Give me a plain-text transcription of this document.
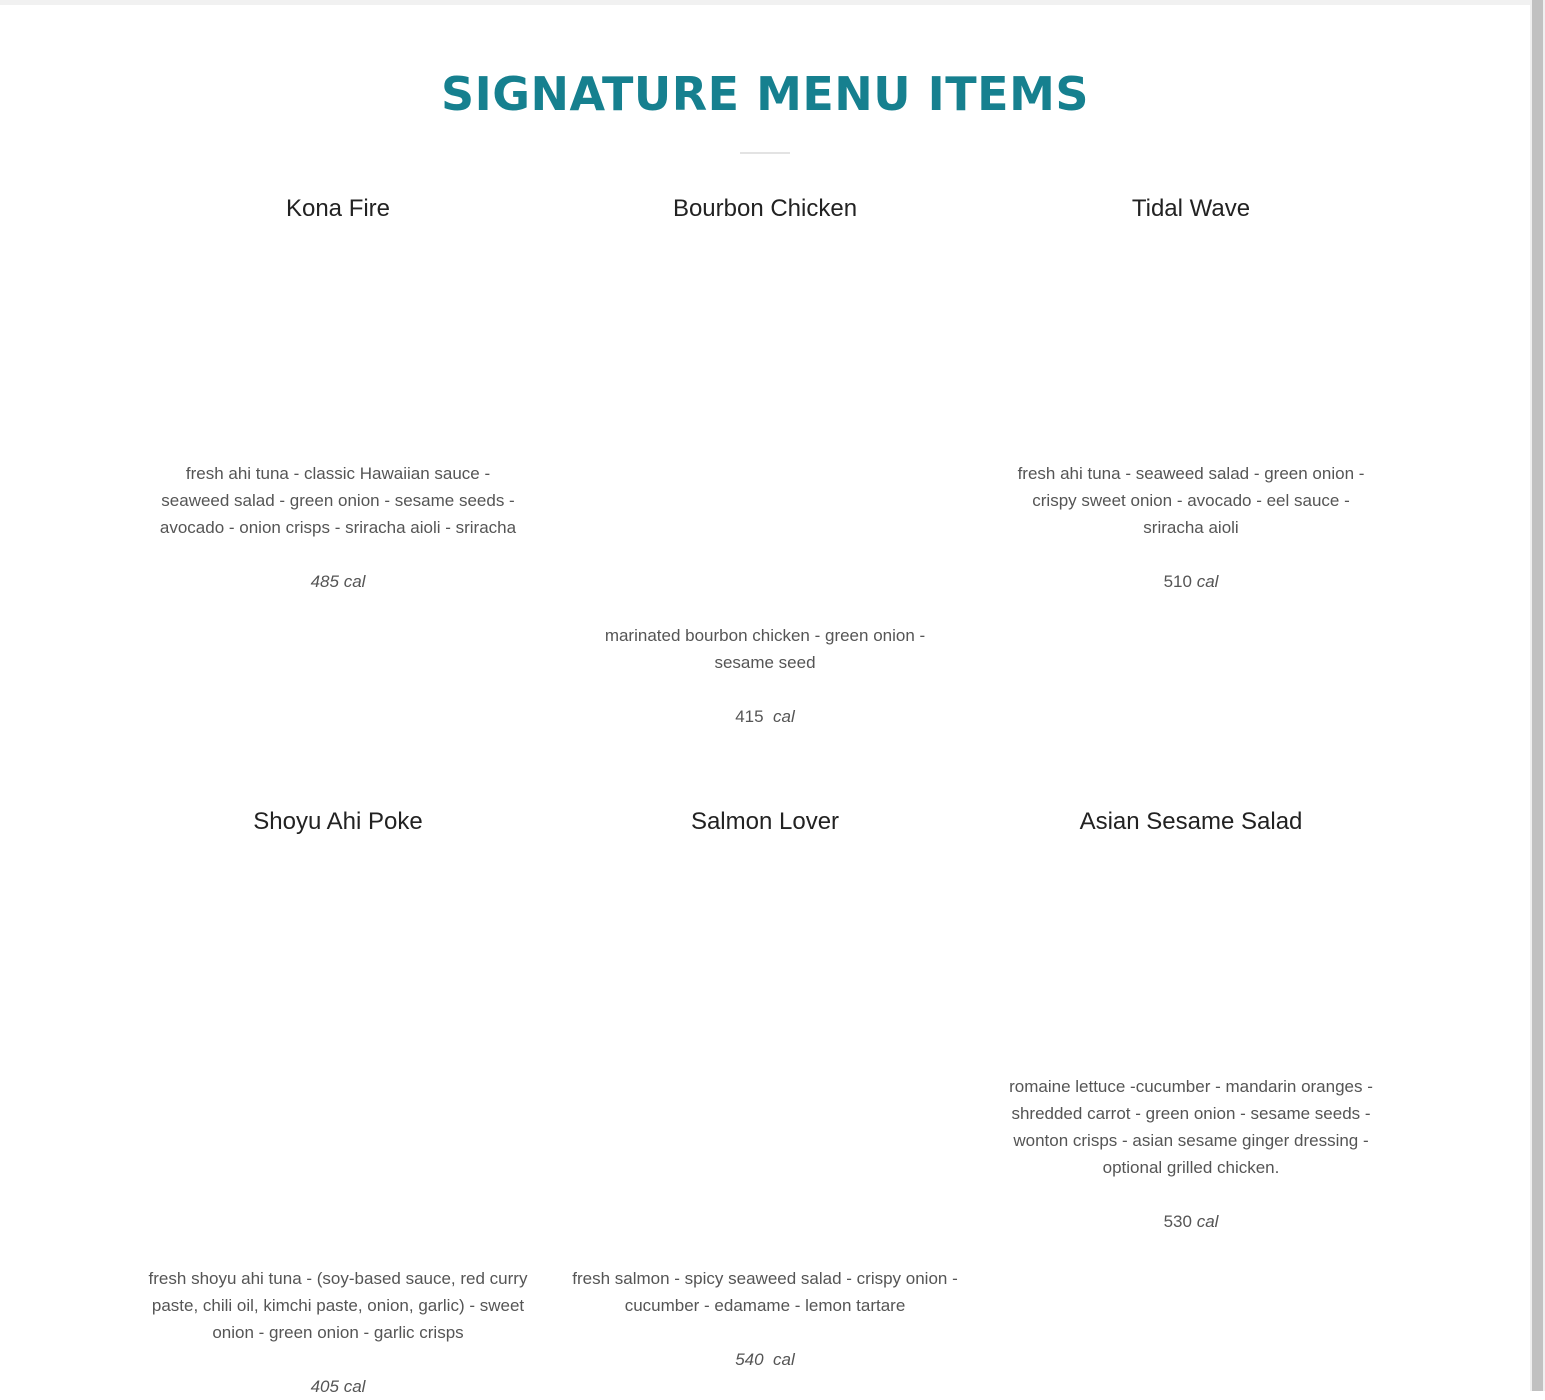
SIGNATURE MENU ITEMS
Kona Fire

fresh ahi tuna - classic Hawaiian sauce - seaweed salad - green onion - sesame seeds - avocado - onion crisps - sriracha aioli - sriracha

485 cal
Bourbon Chicken

marinated bourbon chicken - green onion - sesame seed

415 cal
Tidal Wave

fresh ahi tuna - seaweed salad - green onion - crispy sweet onion - avocado - eel sauce - sriracha aioli

510 cal
Shoyu Ahi Poke

fresh shoyu ahi tuna - (soy-based sauce, red curry paste, chili oil, kimchi paste, onion, garlic) - sweet onion - green onion - garlic crisps

405 cal
Salmon Lover

fresh salmon - spicy seaweed salad - crispy onion - cucumber - edamame - lemon tartare

540 cal
Asian Sesame Salad

romaine lettuce -cucumber - mandarin oranges - shredded carrot - green onion - sesame seeds - wonton crisps - asian sesame ginger dressing - optional grilled chicken.

530 cal
